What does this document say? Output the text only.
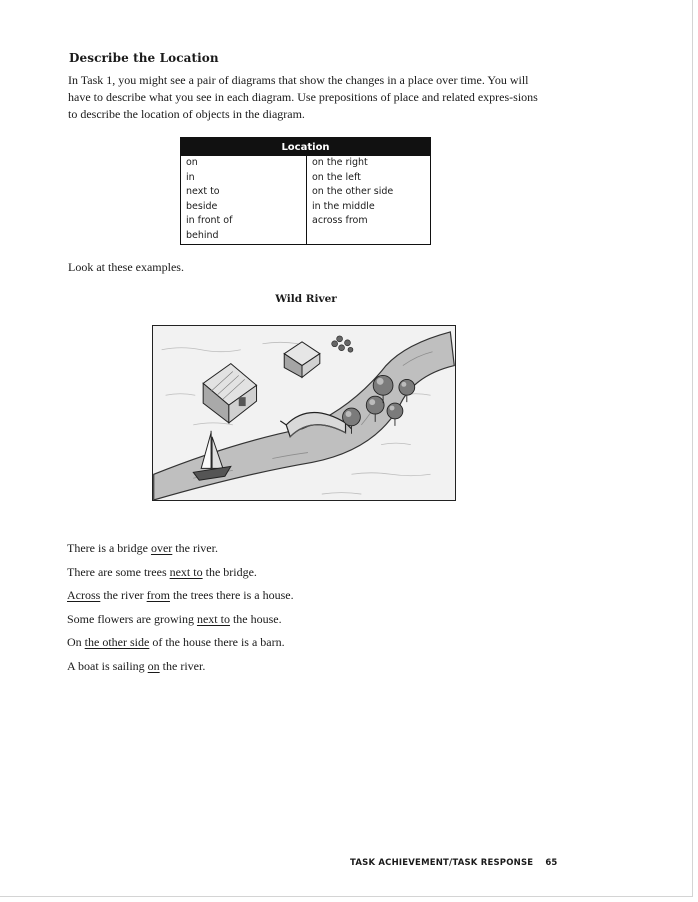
Describe the Location

In Task 1, you might see a pair of diagrams that show the changes in a place over time. You will have to describe what you see in each diagram. Use prepositions of place and related expres-sions to describe the location of objects in the diagram.

Location	
on	on the right
in	on the left
next to	on the other side
beside	in the middle
in front of	across from
behind	

Look at these examples.

Wild River

There is a bridge over the river.
There are some trees next to the bridge.
Across the river from the trees there is a house.
Some flowers are growing next to the house.
On the other side of the house there is a barn.
A boat is sailing on the river.

TASK ACHIEVEMENT/TASK RESPONSE 65
